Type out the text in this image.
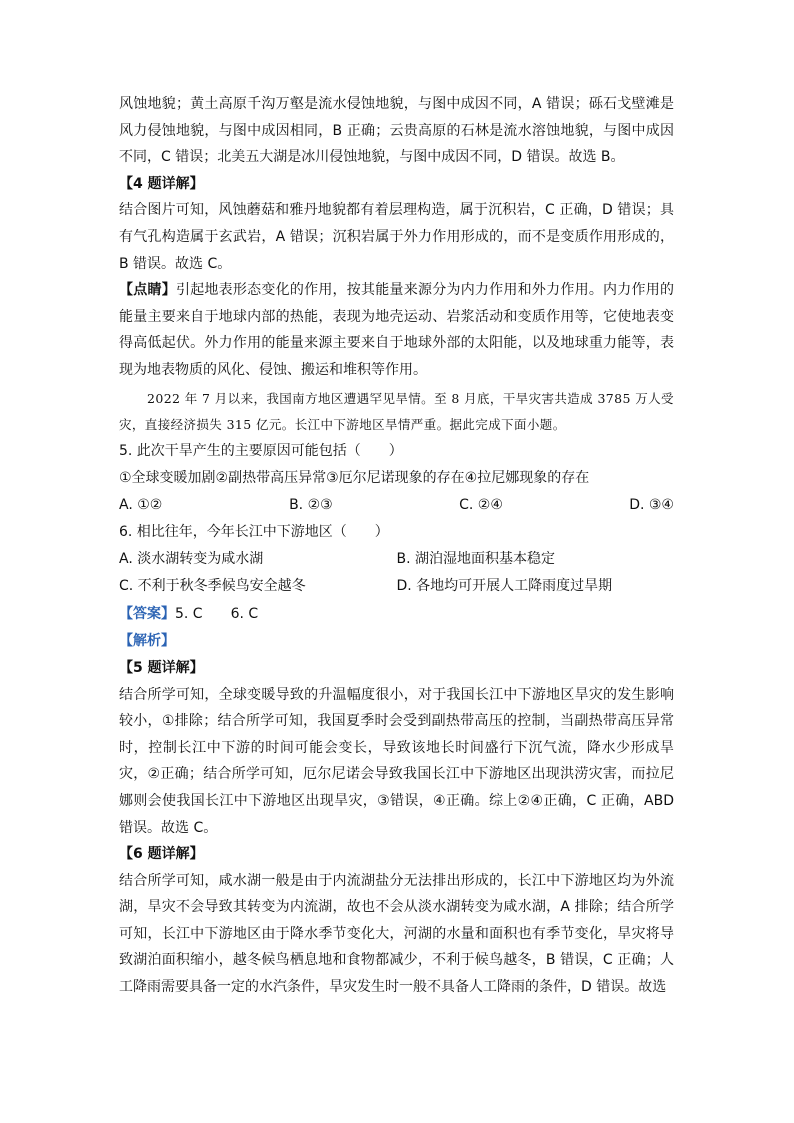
风蚀地貌；黄土高原千沟万壑是流水侵蚀地貌，与图中成因不同，A 错误；砾石戈壁滩是风力侵蚀地貌，与图中成因相同，B 正确；云贵高原的石林是流水溶蚀地貌，与图中成因不同，C 错误；北美五大湖是冰川侵蚀地貌，与图中成因不同，D 错误。故选 B。

【4 题详解】

结合图片可知，风蚀蘑菇和雅丹地貌都有着层理构造，属于沉积岩，C 正确，D 错误；具有气孔构造属于玄武岩，A 错误；沉积岩属于外力作用形成的，而不是变质作用形成的，B 错误。故选 C。

【点睛】引起地表形态变化的作用，按其能量来源分为内力作用和外力作用。内力作用的能量主要来自于地球内部的热能，表现为地壳运动、岩浆活动和变质作用等，它使地表变得高低起伏。外力作用的能量来源主要来自于地球外部的太阳能，以及地球重力能等，表现为地表物质的风化、侵蚀、搬运和堆积等作用。

2022 年 7 月以来，我国南方地区遭遇罕见旱情。至 8 月底，干旱灾害共造成 3785 万人受灾，直接经济损失 315 亿元。长江中下游地区旱情严重。据此完成下面小题。

5. 此次干旱产生的主要原因可能包括（　　）

①全球变暖加剧②副热带高压异常③厄尔尼诺现象的存在④拉尼娜现象的存在

A. ①②	B. ②③	C. ②④	D. ③④

6. 相比往年，今年长江中下游地区（　　）

A. 淡水湖转变为咸水湖	B. 湖泊湿地面积基本稳定
C. 不利于秋冬季候鸟安全越冬	D. 各地均可开展人工降雨度过旱期

【答案】5. C　　6. C

【解析】

【5 题详解】

结合所学可知，全球变暖导致的升温幅度很小，对于我国长江中下游地区旱灾的发生影响较小，①排除；结合所学可知，我国夏季时会受到副热带高压的控制，当副热带高压异常时，控制长江中下游的时间可能会变长，导致该地长时间盛行下沉气流，降水少形成旱灾，②正确；结合所学可知，厄尔尼诺会导致我国长江中下游地区出现洪涝灾害，而拉尼娜则会使我国长江中下游地区出现旱灾，③错误，④正确。综上②④正确，C 正确，ABD 错误。故选 C。

【6 题详解】

结合所学可知，咸水湖一般是由于内流湖盐分无法排出形成的，长江中下游地区均为外流湖，旱灾不会导致其转变为内流湖，故也不会从淡水湖转变为咸水湖，A 排除；结合所学可知，长江中下游地区由于降水季节变化大，河湖的水量和面积也有季节变化，旱灾将导致湖泊面积缩小，越冬候鸟栖息地和食物都减少，不利于候鸟越冬，B 错误，C 正确；人工降雨需要具备一定的水汽条件，旱灾发生时一般不具备人工降雨的条件，D 错误。故选
